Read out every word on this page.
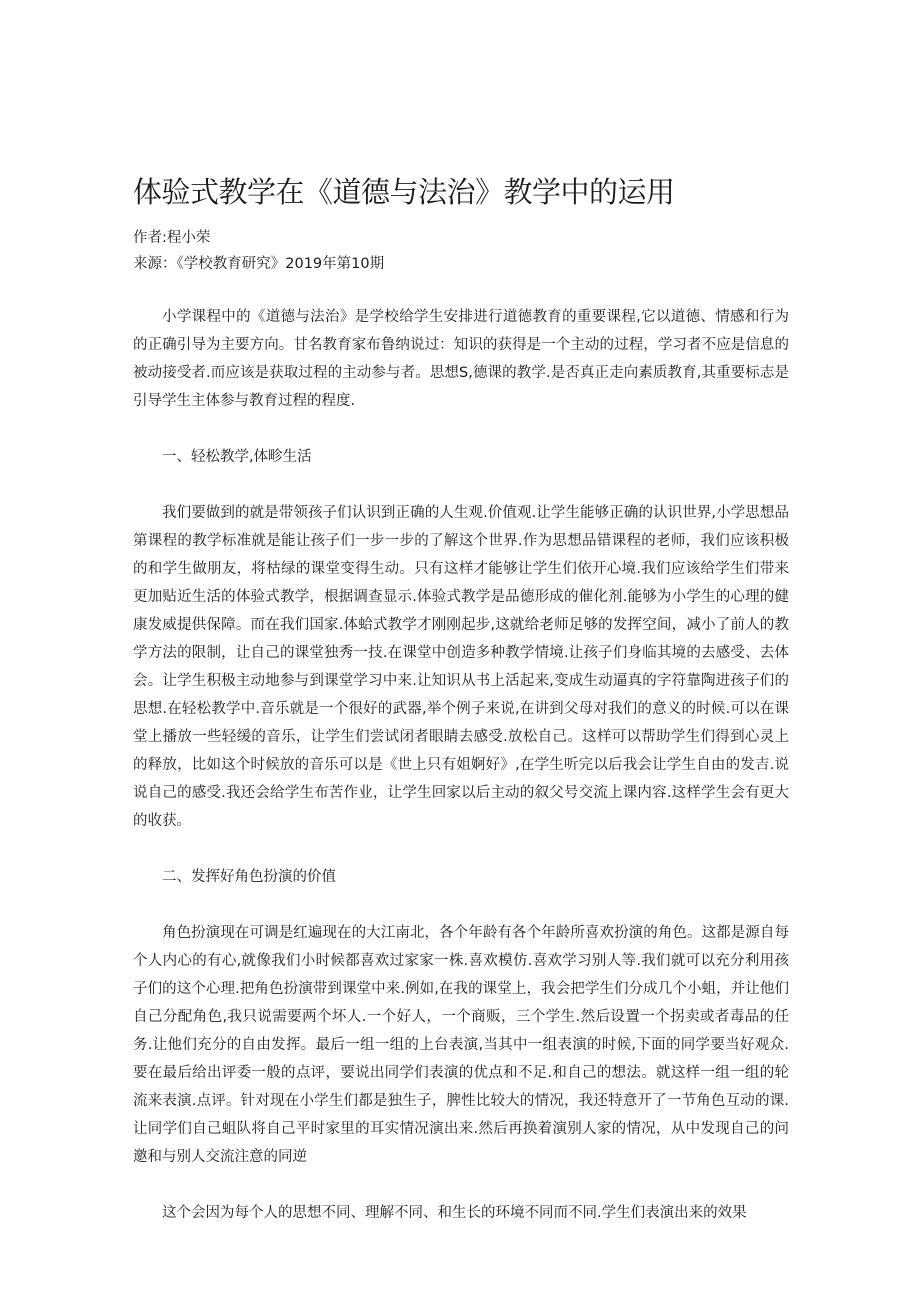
体验式教学在《道德与法治》教学中的运用

作者:程小荣

来源：《学校教育研究》2019年第10期

小学课程中的《道德与法治》是学校给学生安排进行道德教育的重要课程,它以道德、情感和行为的正确引导为主要方向。甘名教育家布鲁纳说过：知识的获得是一个主动的过程，学习者不应是信息的被动接受者.而应该是获取过程的主动参与者。思想S,德课的教学.是否真正走向素质教育,其重要标志是引导学生主体参与教育过程的程度.

一、轻松教学,体畛生活

我们要做到的就是带领孩子们认识到正确的人生观.价值观.让学生能够正确的认识世界,小学思想品第课程的教学标准就是能让孩子们一步一步的了解这个世界.作为思想品错课程的老师，我们应该积极的和学生做朋友，将枯绿的课堂变得生动。只有这样才能够让学生们依开心境.我们应该给学生们带来更加贴近生活的体验式教学，根据调查显示.体验式教学是品德形成的催化剂.能够为小学生的心理的健康发威提供保障。而在我们国家.体蛤式教学才刚刚起步,这就给老师足够的发挥空间，减小了前人的教学方法的限制，让自己的课堂独秀一技.在课堂中创造多种教学情境.让孩子们身临其境的去感受、去体会。让学生积极主动地参与到课堂学习中来.让知识从书上活起来,变成生动逼真的字符靠陶进孩子们的思想.在轻松教学中.音乐就是一个很好的武器,举个例子来说,在讲到父母对我们的意义的时候.可以在课堂上播放一些轻缓的音乐，让学生们尝试闭者眼睛去感受.放松自己。这样可以帮助学生们得到心灵上的释放，比如这个时候放的音乐可以是《世上只有姐婀好》,在学生听完以后我会让学生自由的发吉.说说自己的感受.我还会给学生布苦作业，让学生回家以后主动的叙父号交流上课内容.这样学生会有更大的收获。

二、发挥好角色扮演的价值

角色扮演现在可调是红遍现在的大江南北，各个年龄有各个年龄所喜欢扮演的角色。这都是源自每个人内心的有心,就像我们小时候都喜欢过家家一株.喜欢模仿.喜欢学习别人等.我们就可以充分利用孩子们的这个心理.把角色扮演带到课堂中来.例如,在我的课堂上，我会把学生们分成几个小蛆，并让他们自己分配角色,我只说需要两个坏人.一个好人，一个商贩，三个学生.然后设置一个拐卖或者毒品的任务.让他们充分的自由发挥。最后一组一组的上台表演,当其中一组表演的时候,下面的同学要当好观众.要在最后给出评委一般的点评，要说出同学们表演的优点和不足.和自己的想法。就这样一组一组的轮流来表演.点评。针对现在小学生们都是独生子，脾性比较大的情况，我还特意开了一节角色互动的课.让同学们自己蛆队将自己平时家里的耳实情况演出来.然后再换着演别人家的情况，从中发现自己的问邀和与别人交流注意的同逆

这个会因为每个人的思想不同、理解不同、和生长的环境不同而不同.学生们表演出来的效果
